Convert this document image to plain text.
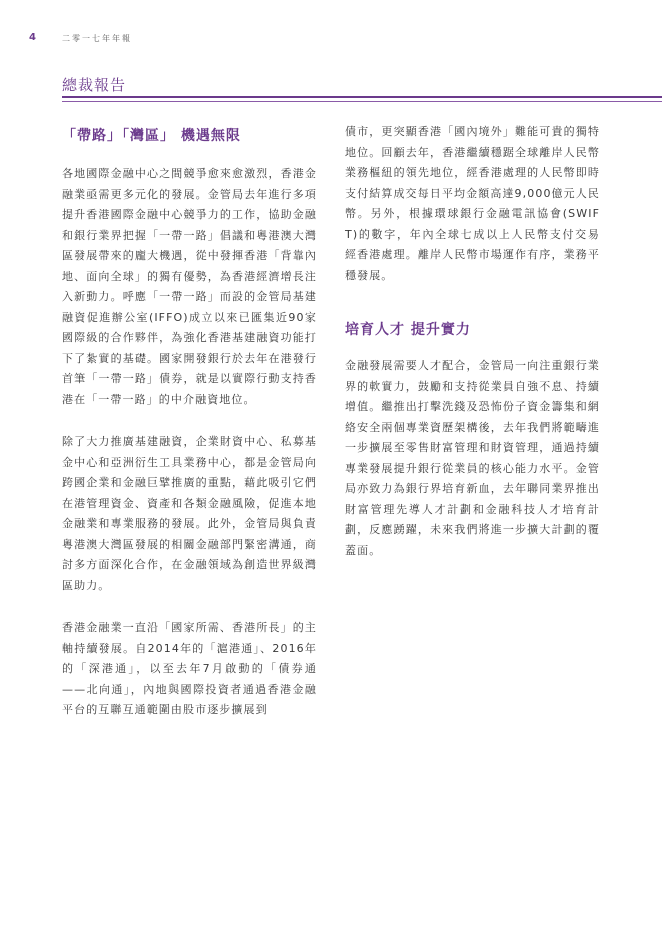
4	二零一七年年報
總裁報告
「帶路」「灣區」 機遇無限

各地國際金融中心之間競爭愈來愈激烈，香港金融業亟需更多元化的發展。金管局去年進行多項提升香港國際金融中心競爭力的工作，協助金融和銀行業界把握「一帶一路」倡議和粵港澳大灣區發展帶來的龐大機遇，從中發揮香港「背靠內地、面向全球」的獨有優勢，為香港經濟增長注入新動力。呼應「一帶一路」而設的金管局基建融資促進辦公室(IFFO)成立以來已匯集近90家國際級的合作夥伴，為強化香港基建融資功能打下了紮實的基礎。國家開發銀行於去年在港發行首筆「一帶一路」債券，就是以實際行動支持香港在「一帶一路」的中介融資地位。

除了大力推廣基建融資，企業財資中心、私募基金中心和亞洲衍生工具業務中心，都是金管局向跨國企業和金融巨擘推廣的重點，藉此吸引它們在港管理資金、資產和各類金融風險，促進本地金融業和專業服務的發展。此外，金管局與負責粵港澳大灣區發展的相關金融部門緊密溝通，商討多方面深化合作，在金融領域為創造世界級灣區助力。

香港金融業一直沿「國家所需、香港所長」的主軸持續發展。自2014年的「滬港通」、2016年的「深港通」，以至去年7月啟動的「債券通——北向通」，內地與國際投資者通過香港金融平台的互聯互通範圍由股市逐步擴展到

債市，更突顯香港「國內境外」難能可貴的獨特地位。回顧去年，香港繼續穩踞全球離岸人民幣業務樞紐的領先地位，經香港處理的人民幣即時支付結算成交每日平均金額高達9,000億元人民幣。另外，根據環球銀行金融電訊協會(SWIFT)的數字，年內全球七成以上人民幣支付交易經香港處理。離岸人民幣市場運作有序，業務平穩發展。

培育人才 提升實力

金融發展需要人才配合，金管局一向注重銀行業界的軟實力，鼓勵和支持從業員自強不息、持續增值。繼推出打擊洗錢及恐怖份子資金籌集和網絡安全兩個專業資歷架構後，去年我們將範疇進一步擴展至零售財富管理和財資管理，通過持續專業發展提升銀行從業員的核心能力水平。金管局亦致力為銀行界培育新血，去年聯同業界推出財富管理先導人才計劃和金融科技人才培育計劃，反應踴躍，未來我們將進一步擴大計劃的覆蓋面。
